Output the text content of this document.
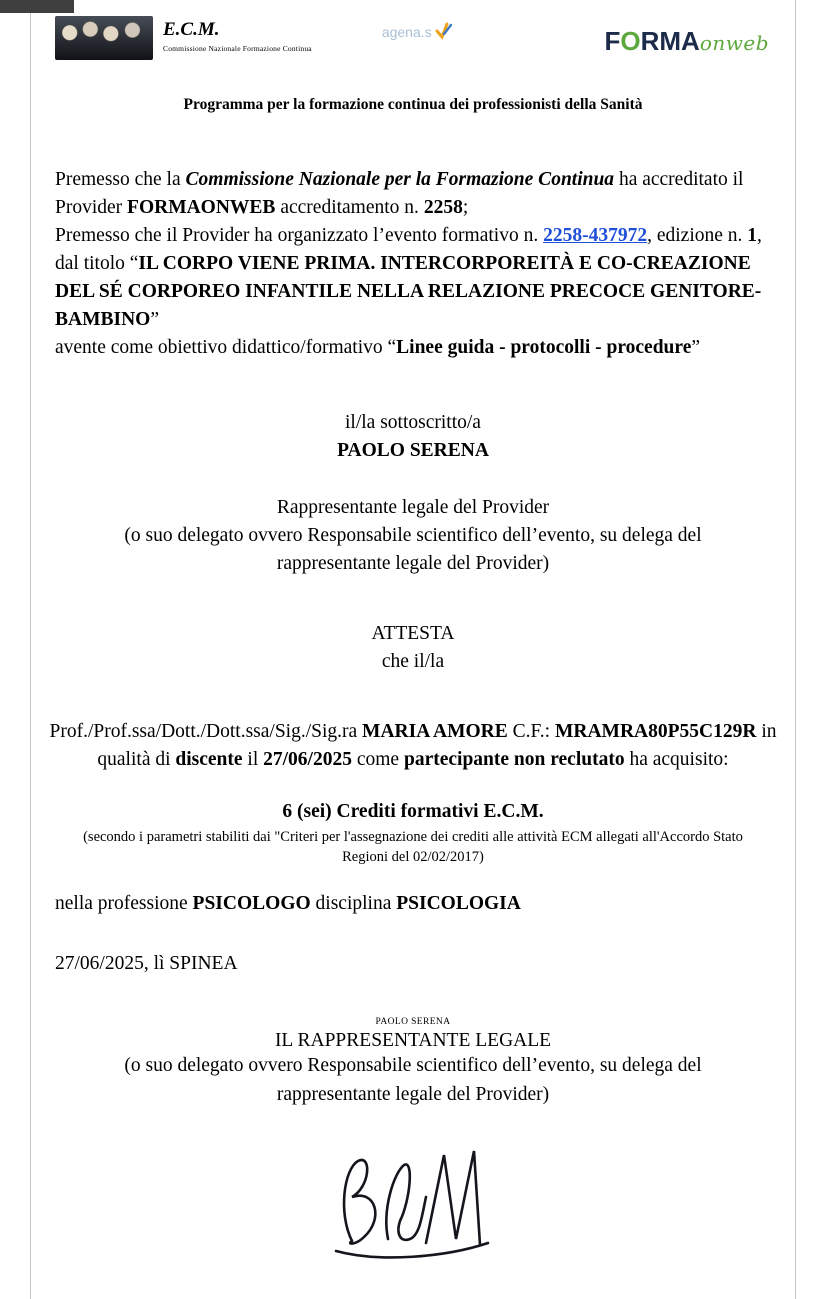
E.C.M.
Commissione Nazionale Formazione Continua
agena.s	FORMAonweb
Programma per la formazione continua dei professionisti della Sanità

Premesso che la Commissione Nazionale per la Formazione Continua ha accreditato il Provider FORMAONWEB accreditamento n. 2258;

Premesso che il Provider ha organizzato l’evento formativo n. 2258-437972, edizione n. 1, dal titolo “IL CORPO VIENE PRIMA. INTERCORPOREITÀ E CO-CREAZIONE DEL SÉ CORPOREO INFANTILE NELLA RELAZIONE PRECOCE GENITORE-BAMBINO”

avente come obiettivo didattico/formativo “Linee guida - protocolli - procedure”

il/la sottoscritto/a
PAOLO SERENA
Rappresentante legale del Provider
(o suo delegato ovvero Responsabile scientifico dell’evento, su delega del rappresentante legale del Provider)
ATTESTA
che il/la
Prof./Prof.ssa/Dott./Dott.ssa/Sig./Sig.ra MARIA AMORE C.F.: MRAMRA80P55C129R in qualità di discente il 27/06/2025 come partecipante non reclutato ha acquisito:
6 (sei) Crediti formativi E.C.M.
(secondo i parametri stabiliti dai "Criteri per l'assegnazione dei crediti alle attività ECM allegati all'Accordo Stato Regioni del 02/02/2017)
nella professione PSICOLOGO disciplina PSICOLOGIA
27/06/2025, lì SPINEA
PAOLO SERENA
IL RAPPRESENTANTE LEGALE
(o suo delegato ovvero Responsabile scientifico dell’evento, su delega del rappresentante legale del Provider)
